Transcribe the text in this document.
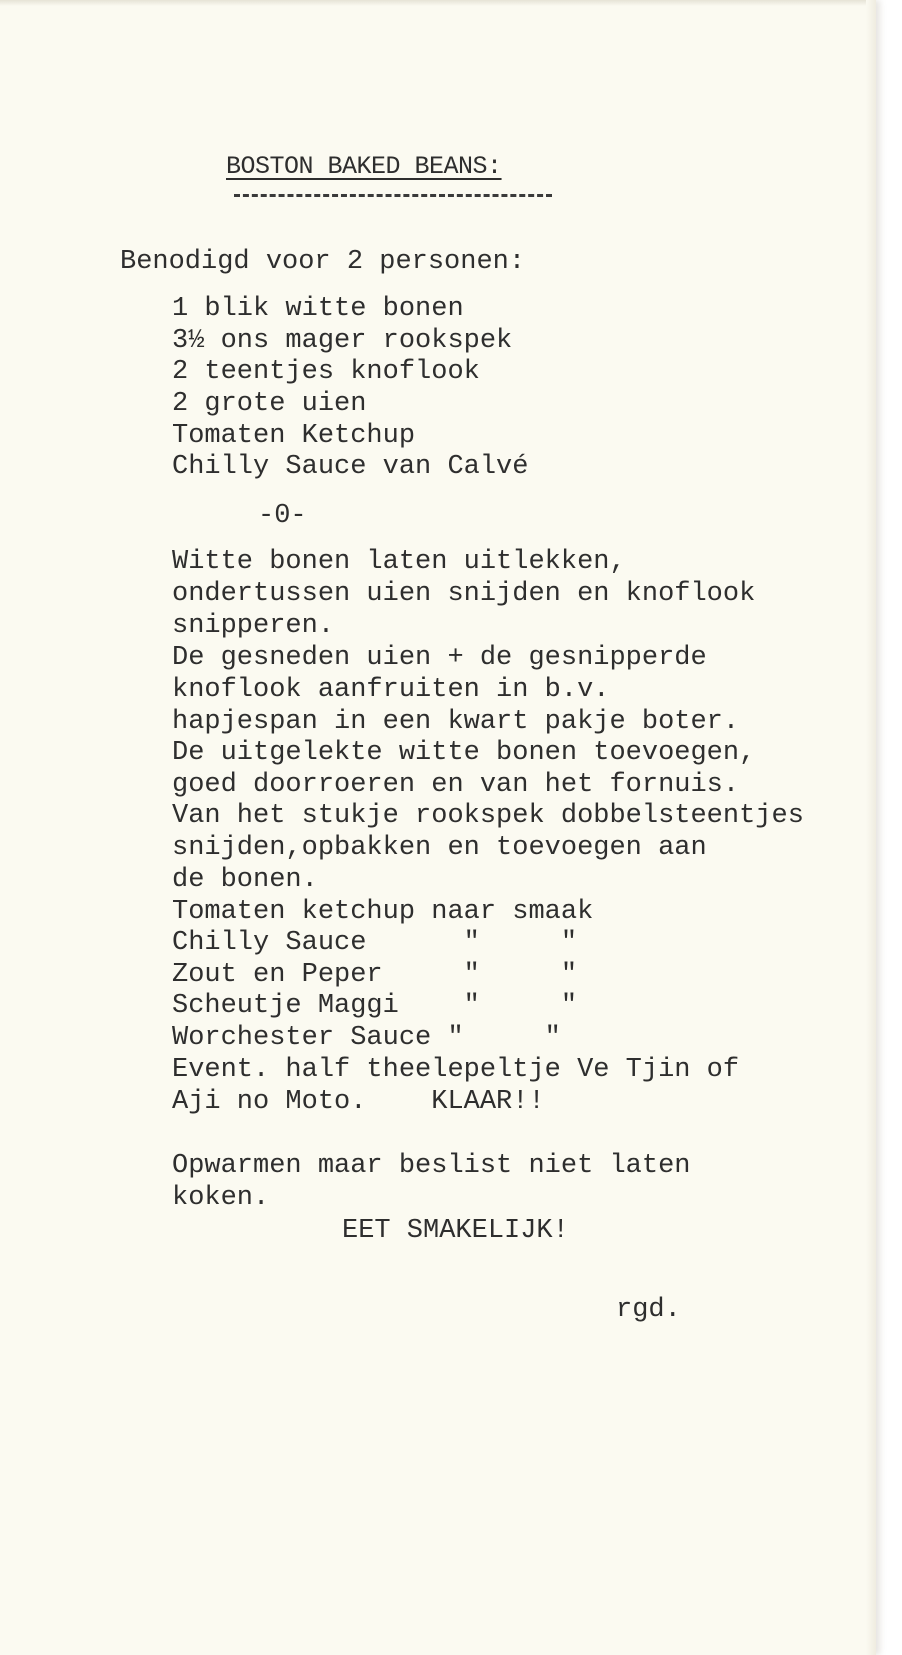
BOSTON BAKED BEANS:
Benodigd voor 2 personen:
1 blik witte bonen
3½ ons mager rookspek
2 teentjes knoflook
2 grote uien
Tomaten Ketchup
Chilly Sauce van Calvé
-0-
Witte bonen laten uitlekken,
ondertussen uien snijden en knoflook
snipperen.
De gesneden uien + de gesnipperde
knoflook aanfruiten in b.v.
hapjespan in een kwart pakje boter.
De uitgelekte witte bonen toevoegen,
goed doorroeren en van het fornuis.
Van het stukje rookspek dobbelsteentjes
snijden,opbakken en toevoegen aan
de bonen.
Tomaten ketchup naar smaak
Chilly Sauce      "     "
Zout en Peper     "     "
Scheutje Maggi    "     "
Worchester Sauce "     "
Event. half theelepeltje Ve Tjin of
Aji no Moto.    KLAAR!!
Opwarmen maar beslist niet laten
koken.
EET SMAKELIJK!
rgd.
